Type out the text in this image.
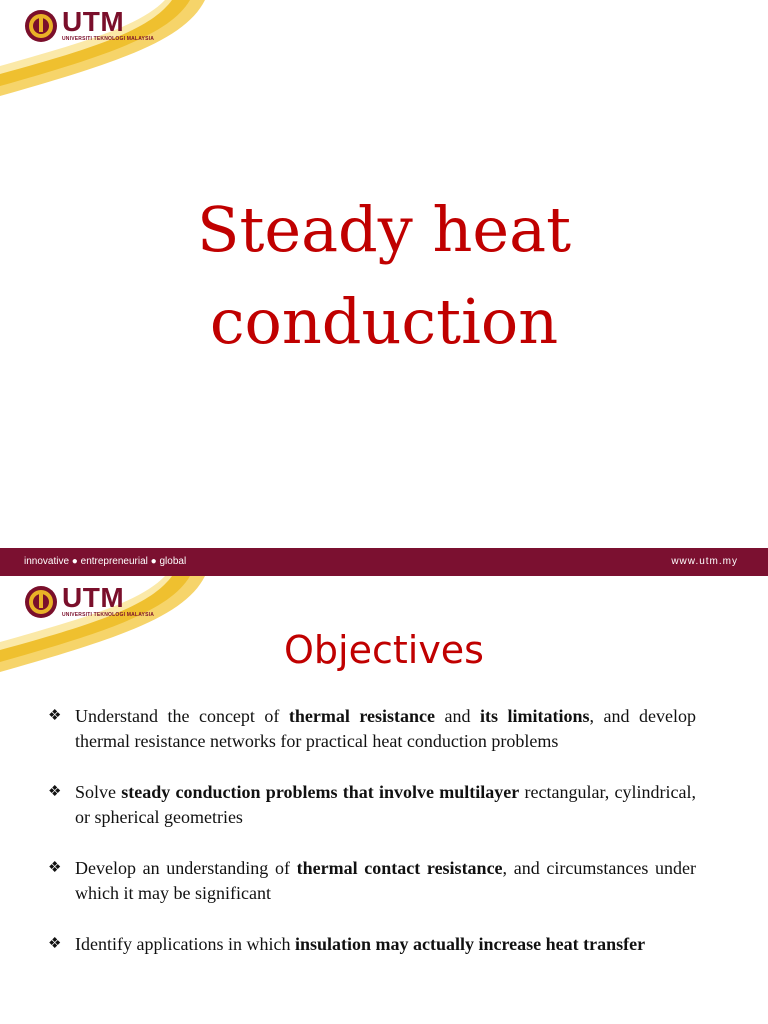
UTM
UNIVERSITI TEKNOLOGI MALAYSIA
Steady heat
conduction
innovative ● entrepreneurial ● global	www.utm.my
UTM
UNIVERSITI TEKNOLOGI MALAYSIA
Objectives
❖ Understand the concept of thermal resistance and its limitations, and develop thermal resistance networks for practical heat conduction problems
❖ Solve steady conduction problems that involve multilayer rectangular, cylindrical, or spherical geometries
❖ Develop an understanding of thermal contact resistance, and circumstances under which it may be significant
❖ Identify applications in which insulation may actually increase heat transfer
